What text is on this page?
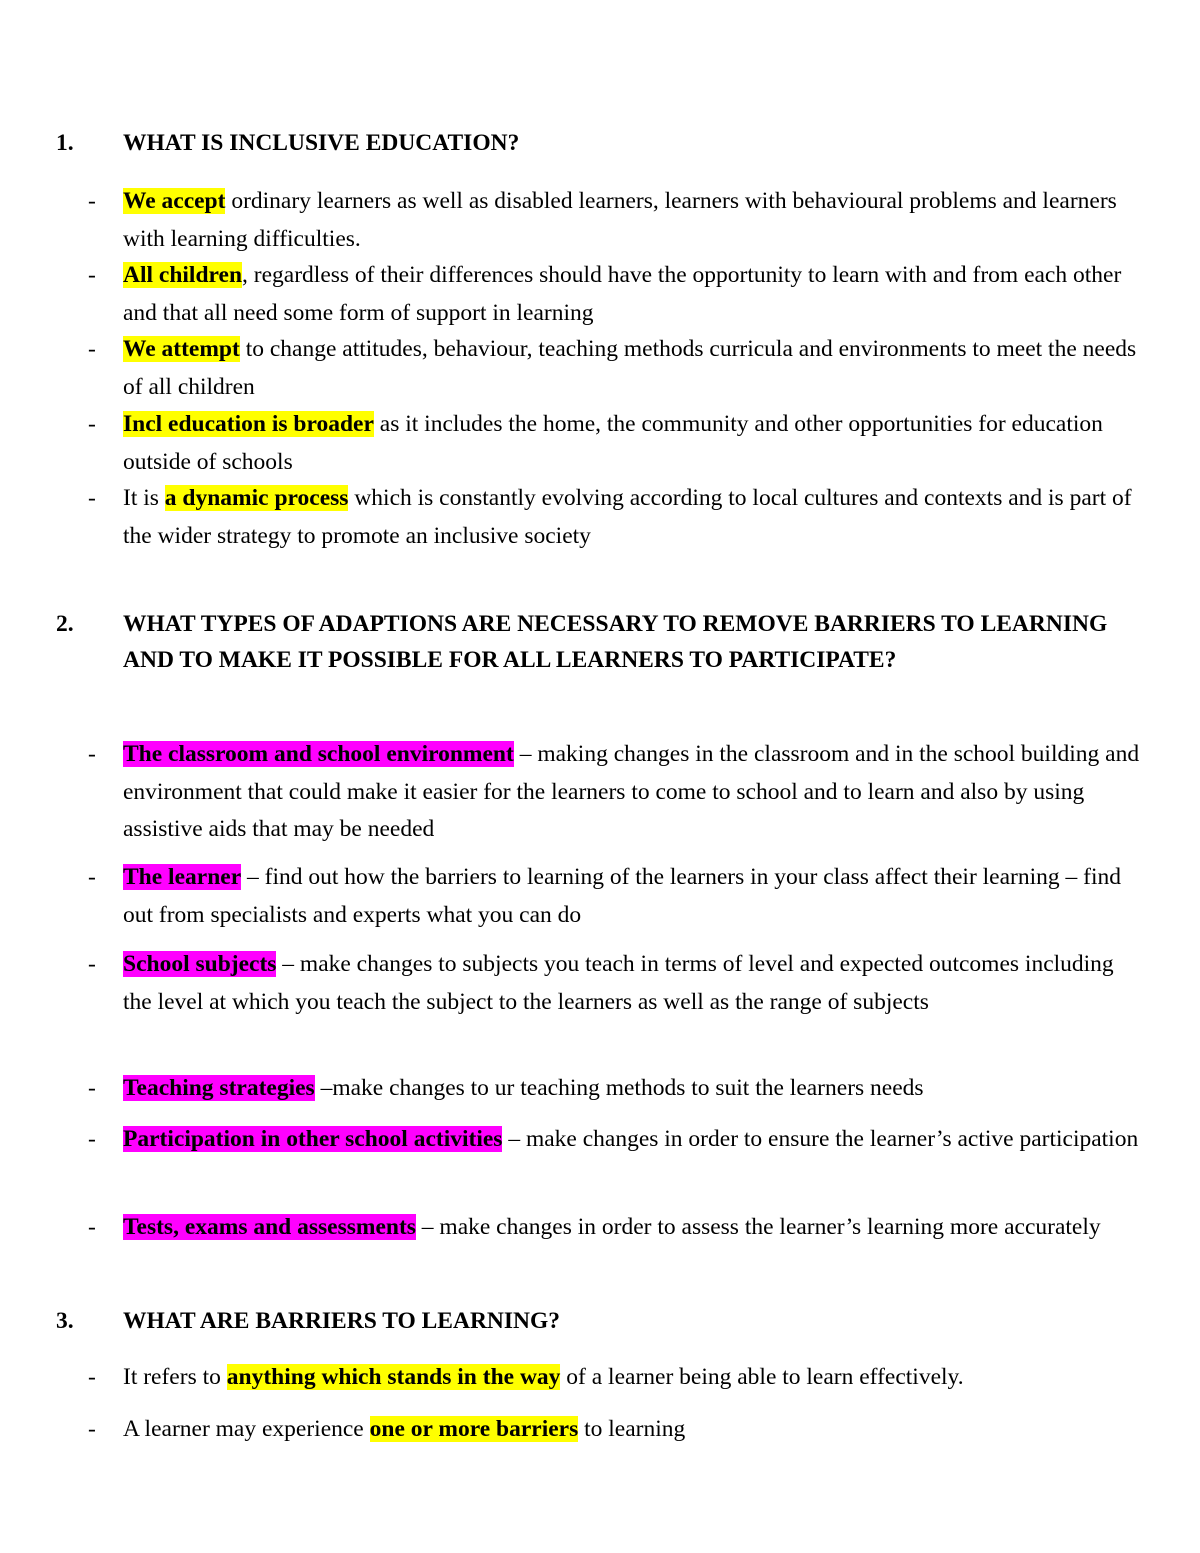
1. WHAT IS INCLUSIVE EDUCATION?
- We accept ordinary learners as well as disabled learners, learners with behavioural problems and learners with learning difficulties.
- All children, regardless of their differences should have the opportunity to learn with and from each other and that all need some form of support in learning
- We attempt to change attitudes, behaviour, teaching methods curricula and environments to meet the needs of all children
- Incl education is broader as it includes the home, the community and other opportunities for education outside of schools
- It is a dynamic process which is constantly evolving according to local cultures and contexts and is part of the wider strategy to promote an inclusive society
2. WHAT TYPES OF ADAPTIONS ARE NECESSARY TO REMOVE BARRIERS TO LEARNING AND TO MAKE IT POSSIBLE FOR ALL LEARNERS TO PARTICIPATE?
- The classroom and school environment – making changes in the classroom and in the school building and environment that could make it easier for the learners to come to school and to learn and also by using assistive aids that may be needed
- The learner – find out how the barriers to learning of the learners in your class affect their learning – find out from specialists and experts what you can do
- School subjects – make changes to subjects you teach in terms of level and expected outcomes including the level at which you teach the subject to the learners as well as the range of subjects
- Teaching strategies –make changes to ur teaching methods to suit the learners needs
- Participation in other school activities – make changes in order to ensure the learner’s active participation
- Tests, exams and assessments – make changes in order to assess the learner’s learning more accurately
3. WHAT ARE BARRIERS TO LEARNING?
- It refers to anything which stands in the way of a learner being able to learn effectively.
- A learner may experience one or more barriers to learning
